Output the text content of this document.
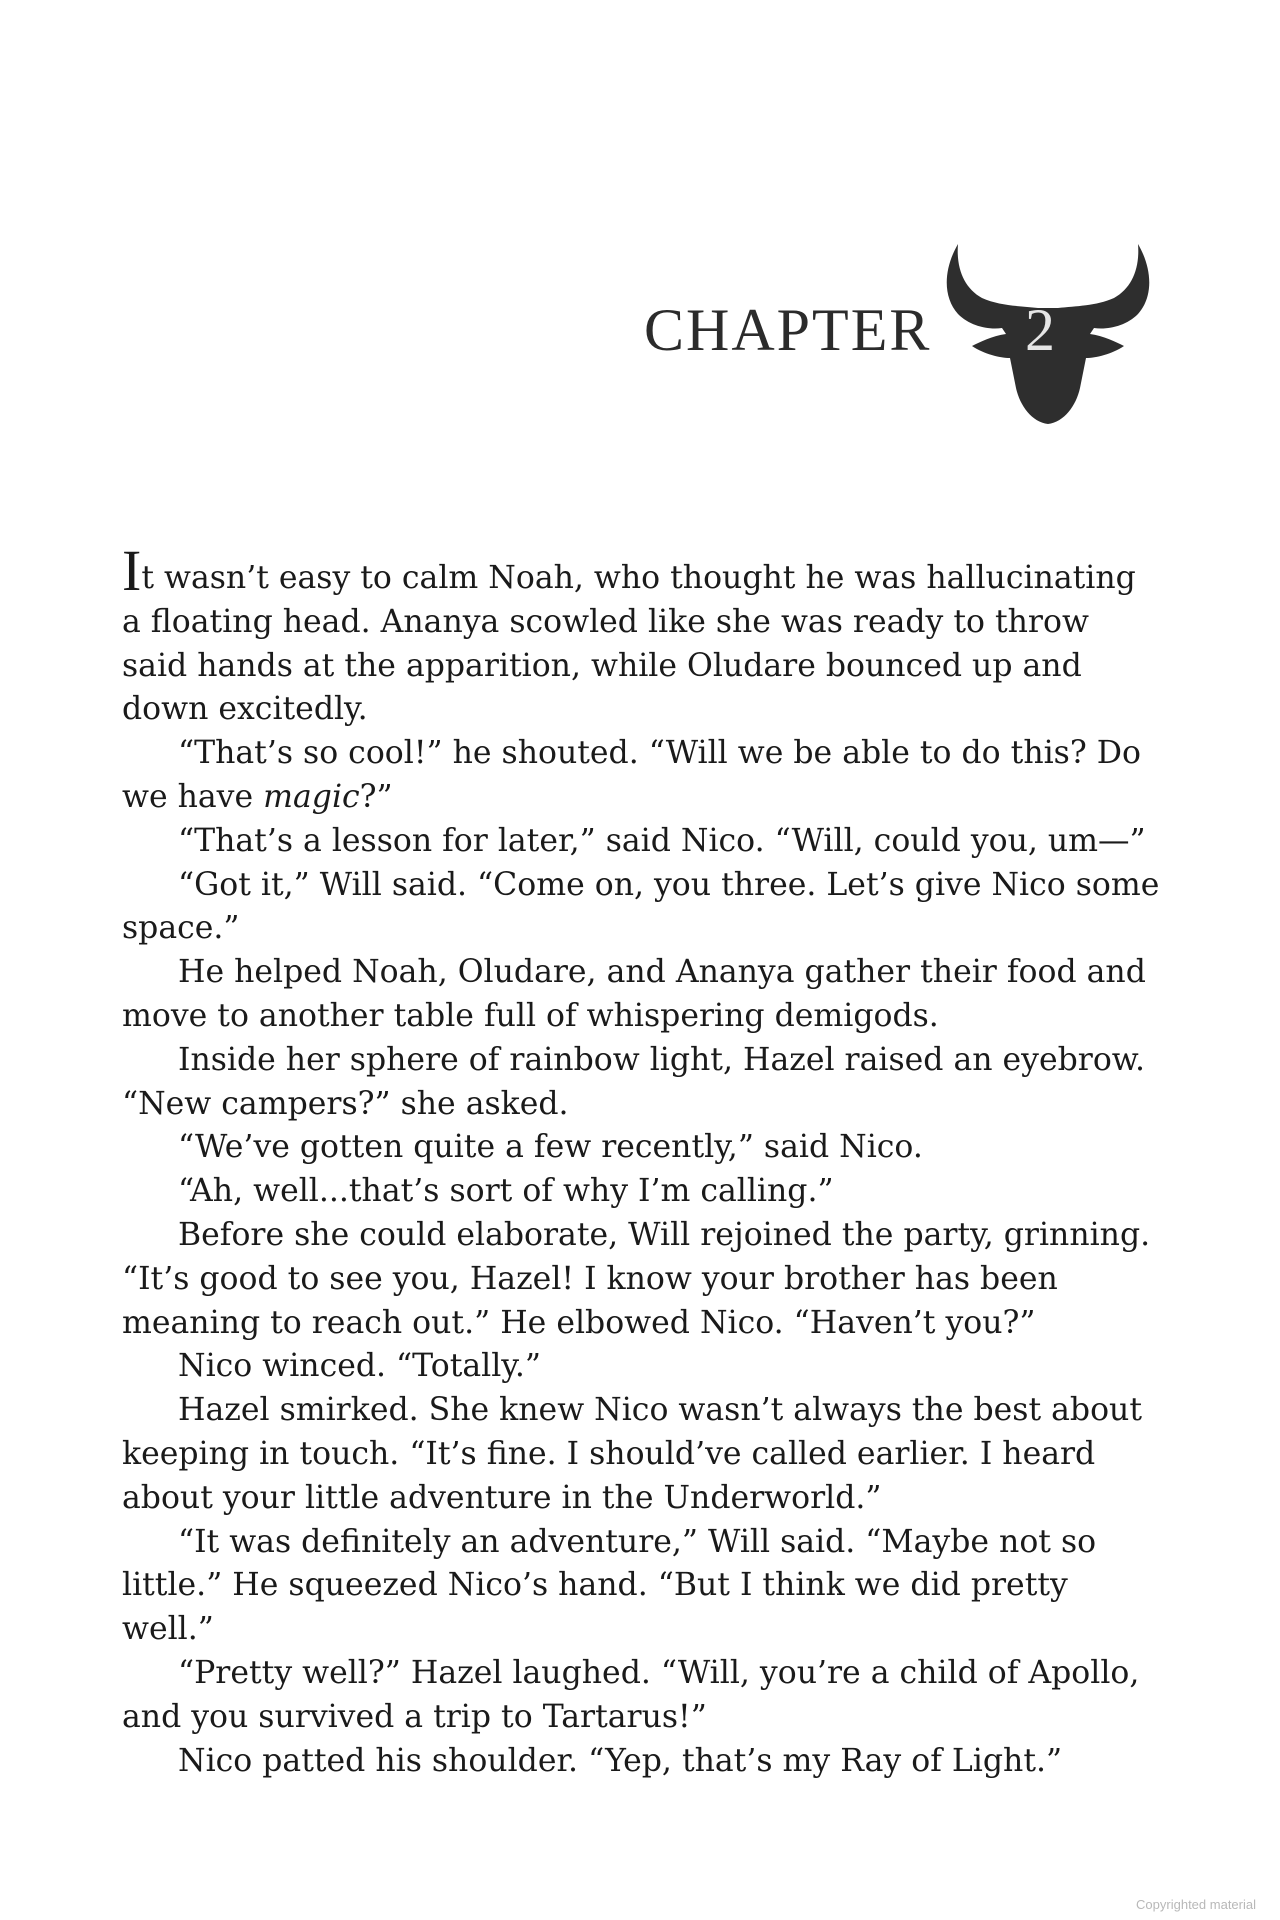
CHAPTER	2

It wasn’t easy to calm Noah, who thought he was hallucinating a floating head. Ananya scowled like she was ready to throw said hands at the apparition, while Oludare bounced up and down excitedly.

“That’s so cool!” he shouted. “Will we be able to do this? Do we have magic?”

“That’s a lesson for later,” said Nico. “Will, could you, um—”

“Got it,” Will said. “Come on, you three. Let’s give Nico some space.”

He helped Noah, Oludare, and Ananya gather their food and move to another table full of whispering demigods.

Inside her sphere of rainbow light, Hazel raised an eyebrow. “New campers?” she asked.

“We’ve gotten quite a few recently,” said Nico.

“Ah, well...that’s sort of why I’m calling.”

Before she could elaborate, Will rejoined the party, grinning. “It’s good to see you, Hazel! I know your brother has been meaning to reach out.” He elbowed Nico. “Haven’t you?”

Nico winced. “Totally.”

Hazel smirked. She knew Nico wasn’t always the best about keeping in touch. “It’s fine. I should’ve called earlier. I heard about your little adventure in the Underworld.”

“It was definitely an adventure,” Will said. “Maybe not so little.” He squeezed Nico’s hand. “But I think we did pretty well.”

“Pretty well?” Hazel laughed. “Will, you’re a child of Apollo, and you survived a trip to Tartarus!”

Nico patted his shoulder. “Yep, that’s my Ray of Light.”

Copyrighted material
